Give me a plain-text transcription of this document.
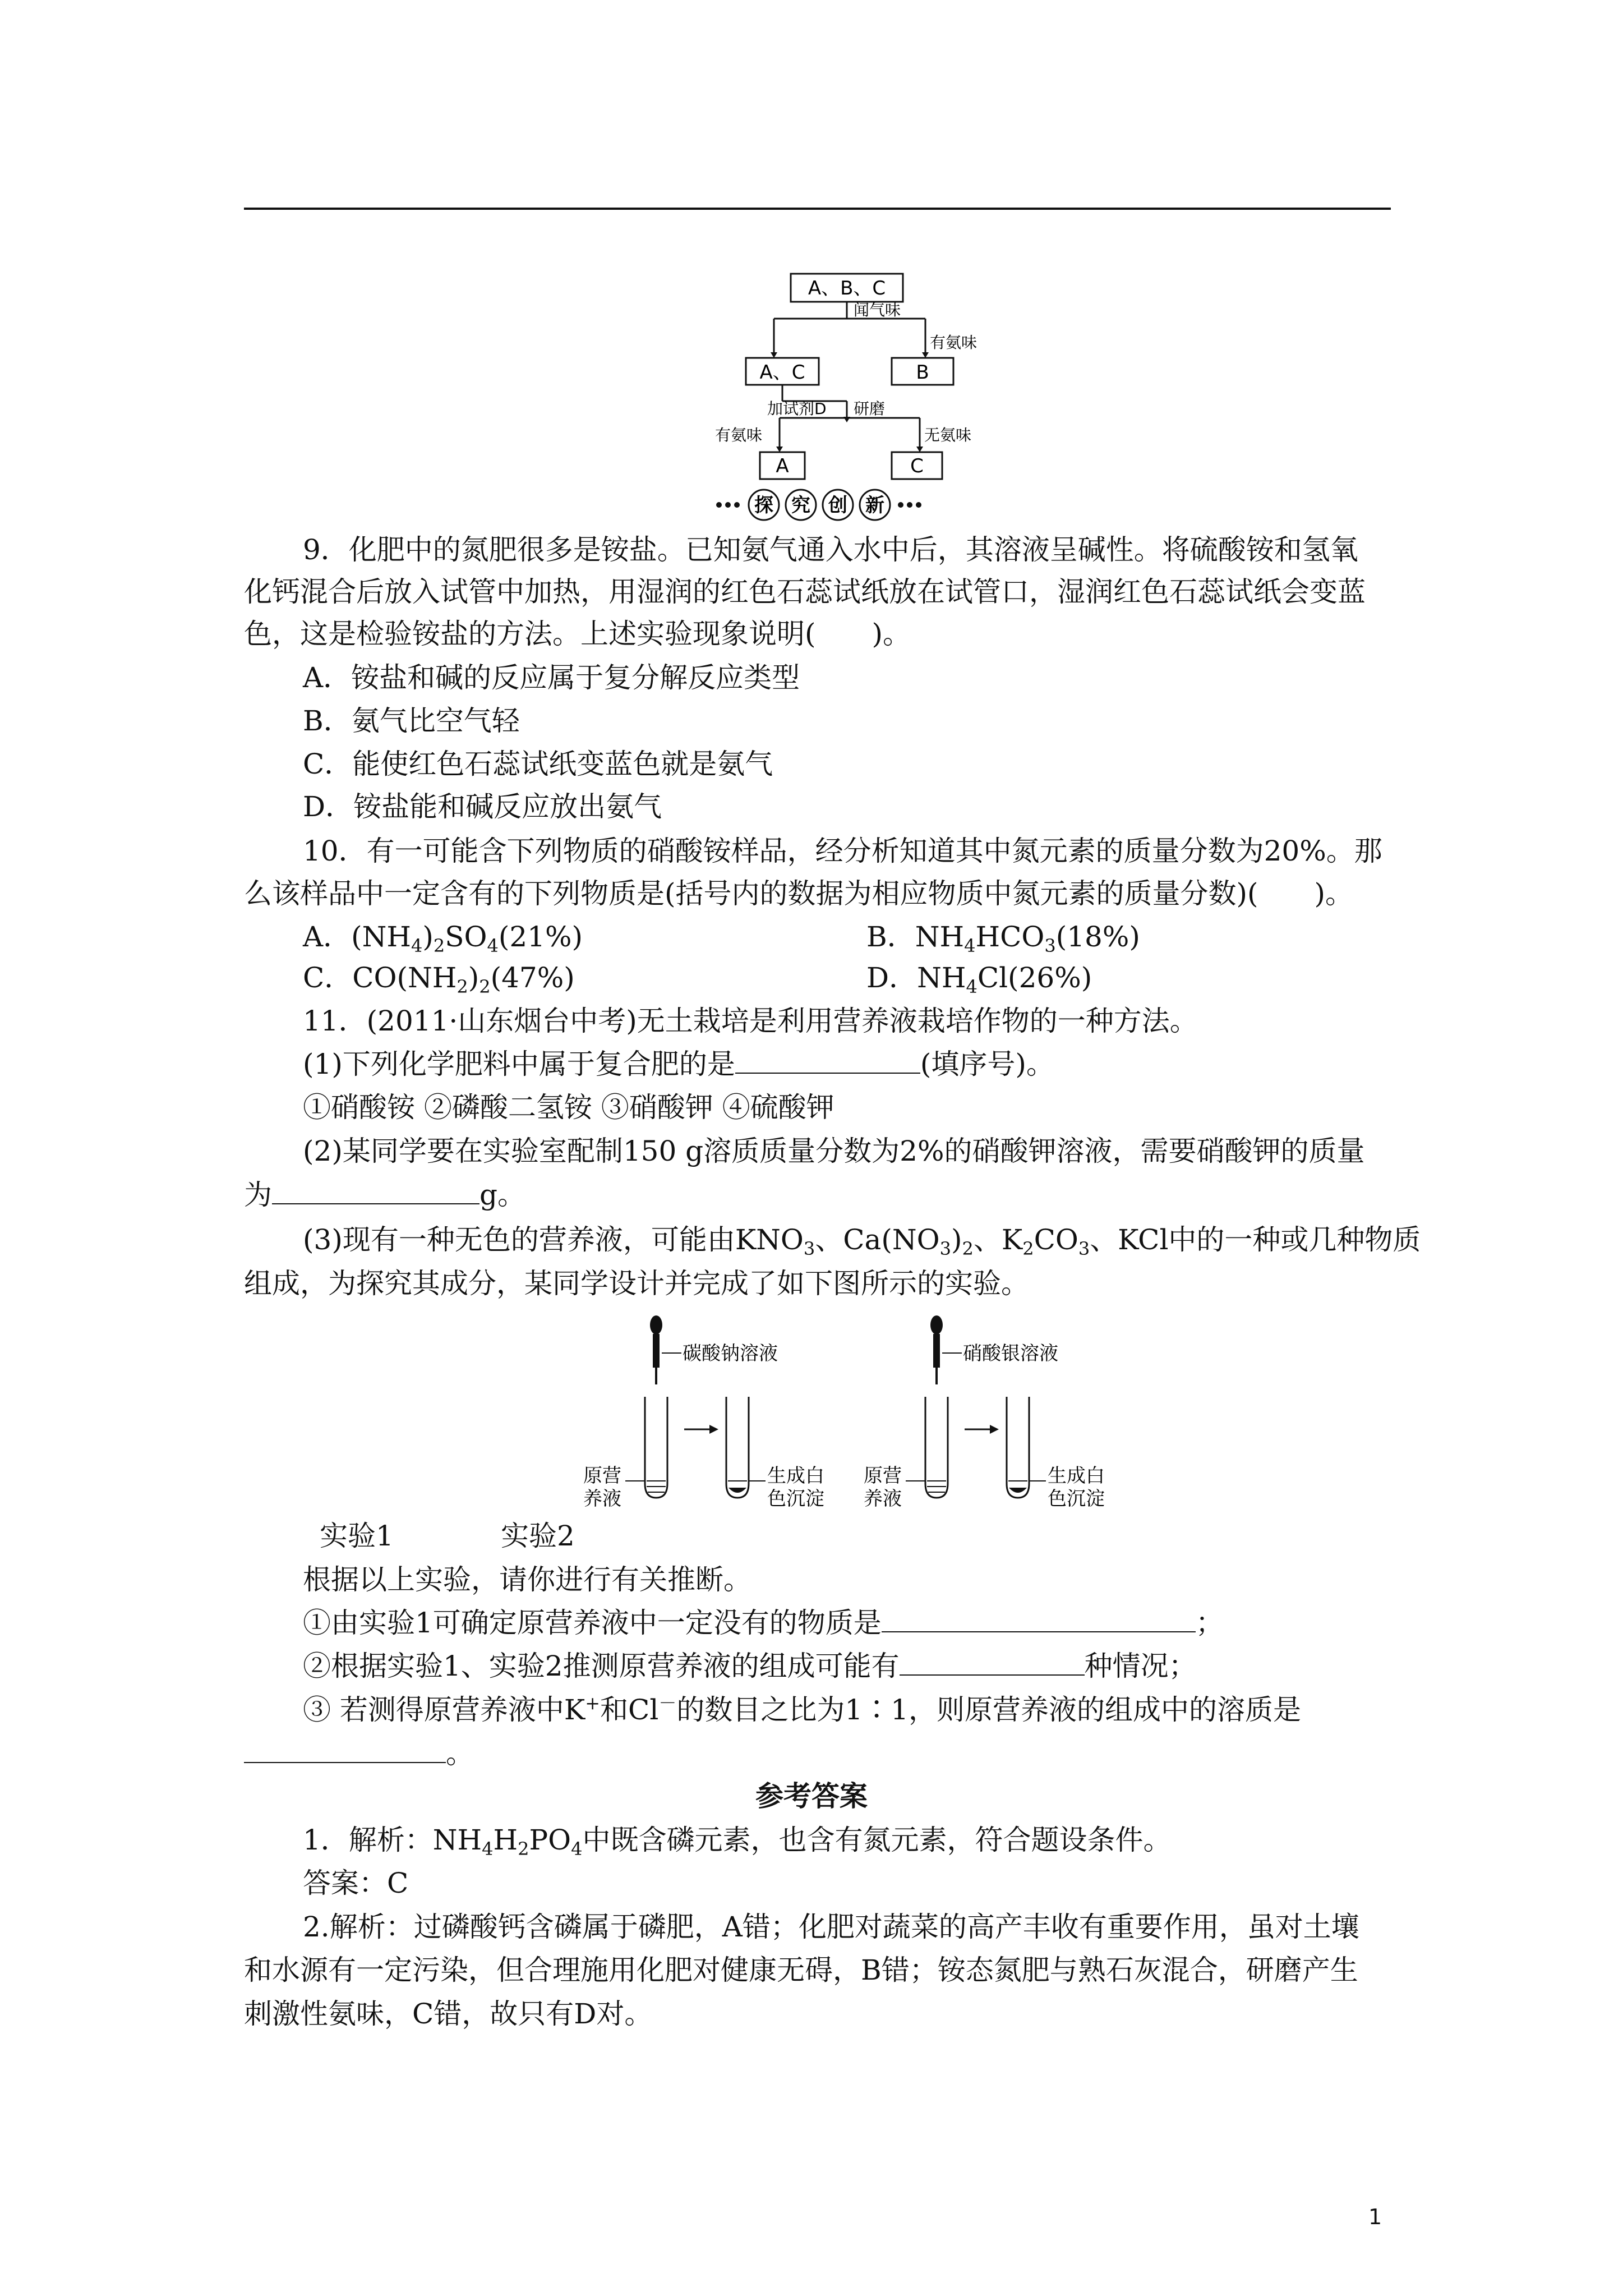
A、B、C
闻气味
有氨味
A、C	B
加试剂D 研磨
有氨味	无氨味
A	C
探 究 创 新
9．化肥中的氮肥很多是铵盐。已知氨气通入水中后，其溶液呈碱性。将硫酸铵和氢氧
化钙混合后放入试管中加热，用湿润的红色石蕊试纸放在试管口，湿润红色石蕊试纸会变蓝
色，这是检验铵盐的方法。上述实验现象说明(　　)。
A．铵盐和碱的反应属于复分解反应类型
B．氨气比空气轻
C．能使红色石蕊试纸变蓝色就是氨气
D．铵盐能和碱反应放出氨气
10．有一可能含下列物质的硝酸铵样品，经分析知道其中氮元素的质量分数为20%。那
么该样品中一定含有的下列物质是(括号内的数据为相应物质中氮元素的质量分数)(　　)。
A．$(NH_4)_2SO_4(21\%)$	B．$NH_4HCO_3(18\%)$
C．$CO(NH_2)_2(47\%)$	D．$NH_4Cl(26\%)$
11．(2011·山东烟台中考)无土栽培是利用营养液栽培作物的一种方法。
(1)下列化学肥料中属于复合肥的是	(填序号)。
①硝酸铵 ②磷酸二氢铵 ③硝酸钾 ④硫酸钾
(2)某同学要在实验室配制150 g溶质质量分数为2%的硝酸钾溶液，需要硝酸钾的质量
为	g。
(3)现有一种无色的营养液，可能由$KNO_3$、$Ca(NO_3)_2$、$K_2CO_3$、KCl中的一种或几种物质
组成，为探究其成分，某同学设计并完成了如下图所示的实验。
碳酸钠溶液
原营
养液
生成白
色沉淀
硝酸银溶液
原营
养液
生成白
色沉淀
实验1	实验2
根据以上实验，请你进行有关推断。
①由实验1可确定原营养液中一定没有的物质是	；
②根据实验1、实验2推测原营养液的组成可能有	种情况；
③ 若测得原营养液中K+和Cl－的数目之比为1∶1，则原营养液的组成中的溶质是
。
参考答案
1．解析：$NH_4H_2PO_4$中既含磷元素，也含有氮元素，符合题设条件。
答案：C
2.解析：过磷酸钙含磷属于磷肥，A错；化肥对蔬菜的高产丰收有重要作用，虽对土壤
和水源有一定污染，但合理施用化肥对健康无碍，B错；铵态氮肥与熟石灰混合，研磨产生
刺激性氨味，C错，故只有D对。
1
